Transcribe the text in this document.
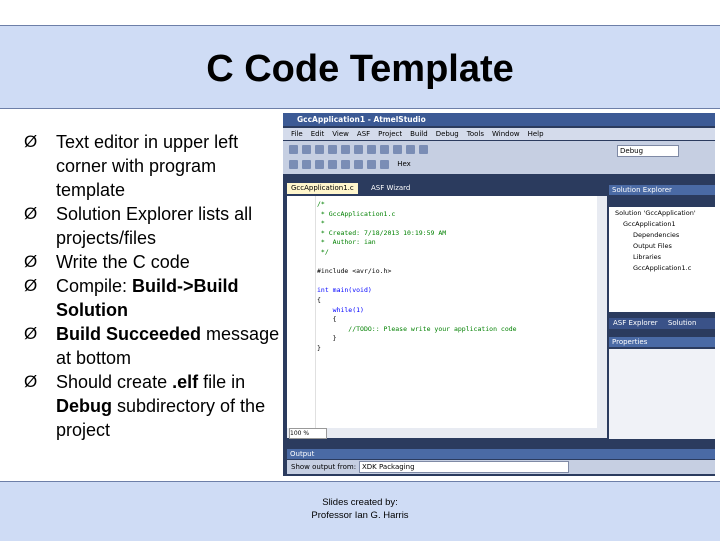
C Code Template
Ø Text editor in upper left corner with program template
Ø Solution Explorer lists all projects/files
Ø Write the C code
Ø Compile: Build->Build Solution
Ø Build Succeeded message at bottom
Ø Should create .elf file in Debug subdirectory of the project
GccApplication1 - AtmelStudio
File Edit View ASF Project Build Debug Tools Window Help
Debug
Hex
GccApplication1.c	ASF Wizard
/*
* GccApplication1.c
*
* Created: 7/18/2013 10:19:59 AM
*  Author: ian
*/

#include <avr/io.h>

int main(void)
{
while(1)
{
//TODO:: Please write your application code
}
}
100 %
Solution Explorer
Solution 'GccApplication'
GccApplication1
Dependencies
Output Files
Libraries
GccApplication1.c
ASF Explorer Solution
Properties
Output
Show output from: XDK Packaging
Slides created by:
Professor Ian G. Harris
